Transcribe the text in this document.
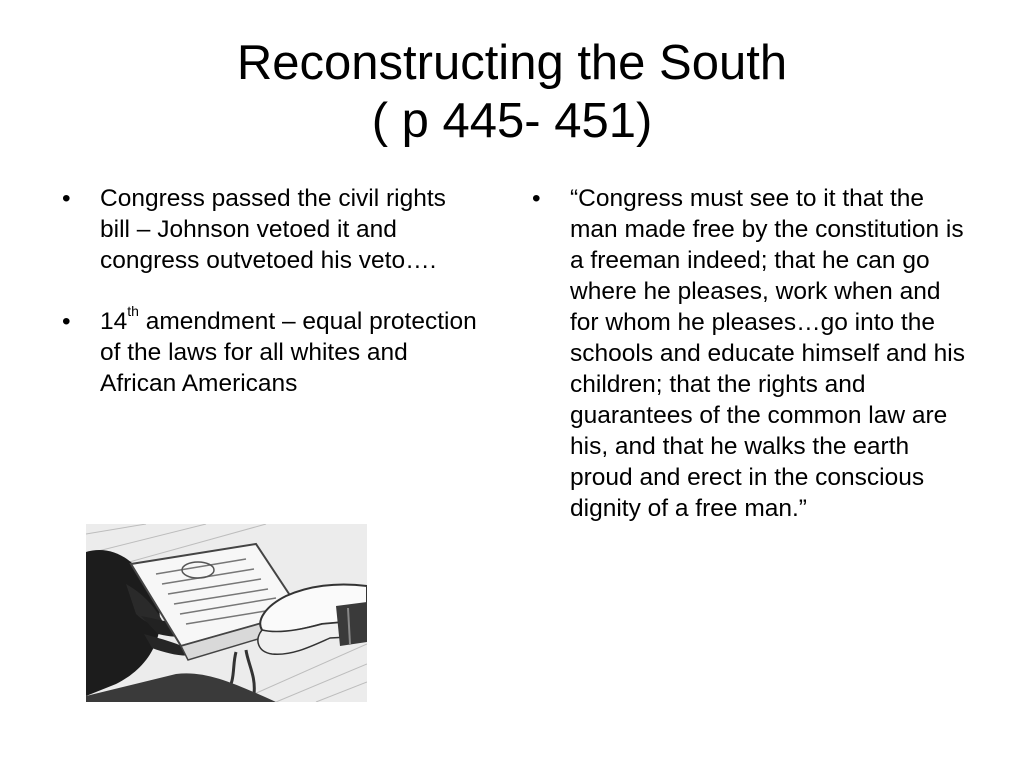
Reconstructing the South
( p 445- 451)
• Congress passed the civil rights bill – Johnson vetoed it and congress outvetoed his veto….
• 14th amendment – equal protection of the laws for all whites and African Americans
• “Congress must see to it that the man made free by the constitution is a freeman indeed; that he can go where he pleases, work when and for whom he pleases…go into the schools and educate himself and his children; that the rights and guarantees of the common law are his, and that he walks the earth proud and erect in the conscious dignity of a free man.”
